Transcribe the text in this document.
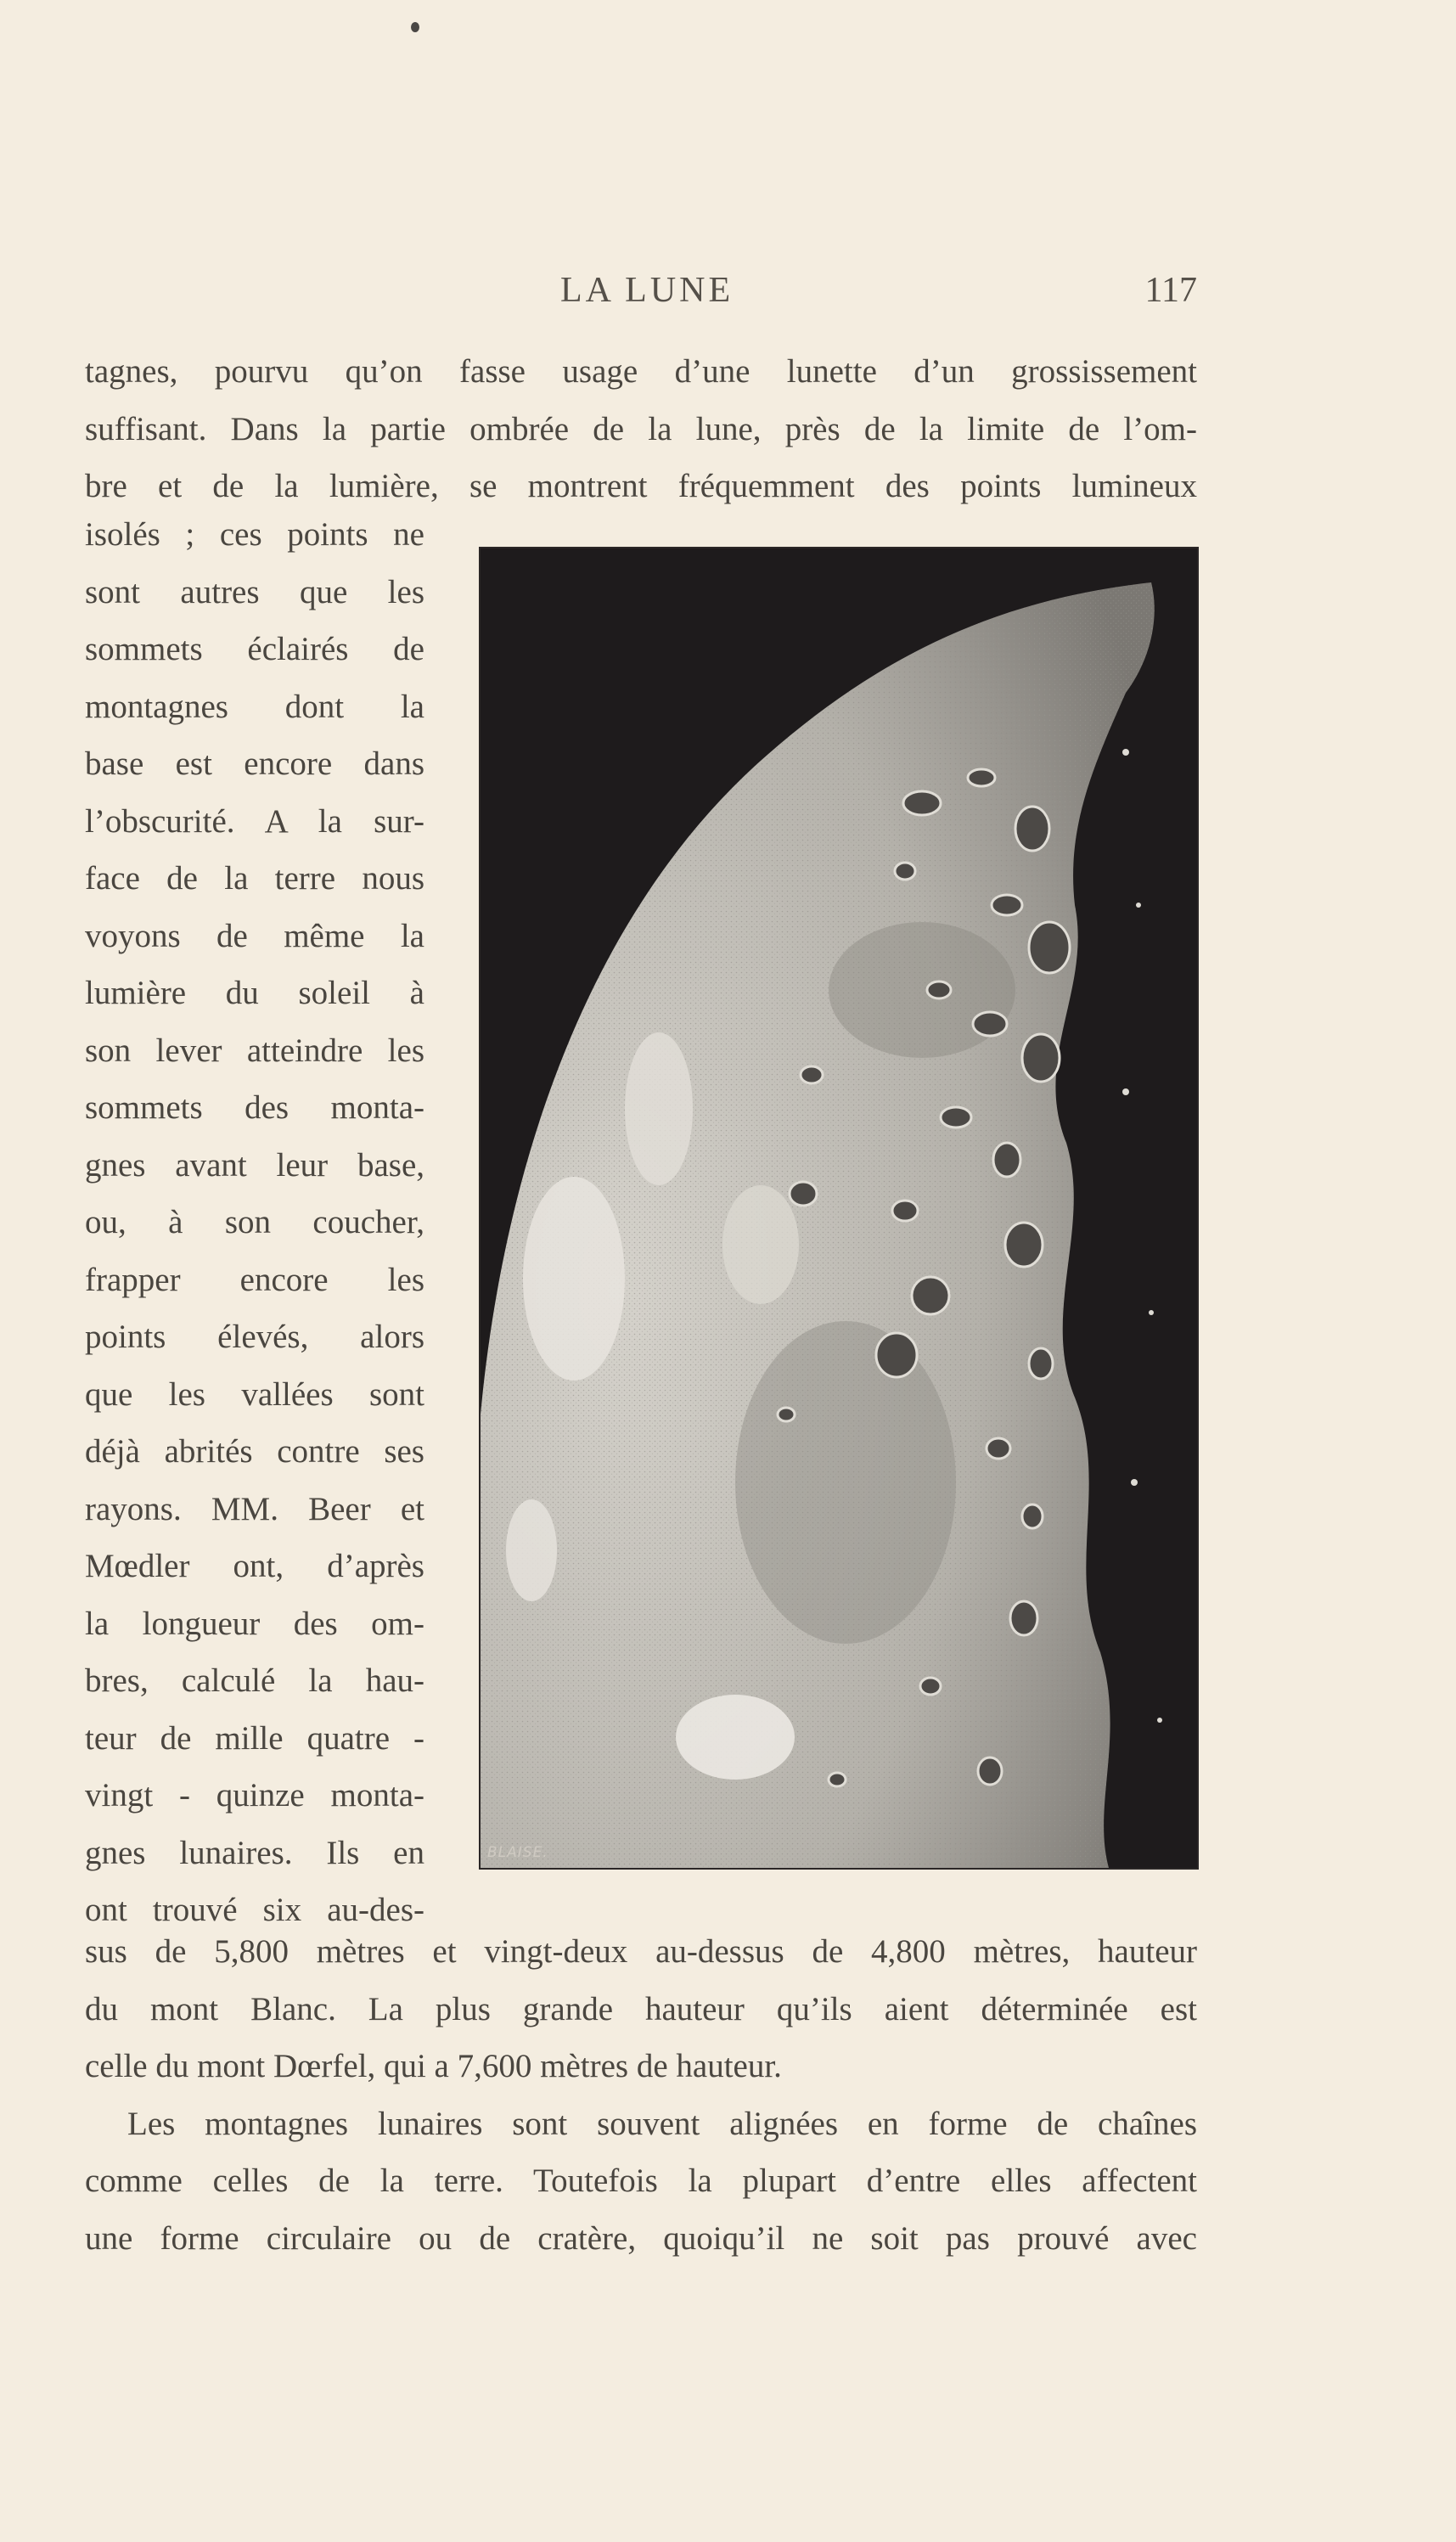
LA LUNE	117
tagnes, pourvu qu’on fasse usage d’une lunette d’un grossissement
suffisant. Dans la partie ombrée de la lune, près de la limite de l’om-
bre et de la lumière, se montrent fréquemment des points lumineux
isolés ; ces points ne
sont autres que les
sommets éclairés de
montagnes dont la
base est encore dans
l’obscurité. A la sur-
face de la terre nous
voyons de même la
lumière du soleil à
son lever atteindre les
sommets des monta-
gnes avant leur base,
ou, à son coucher,
frapper encore les
points élevés, alors
que les vallées sont
déjà abrités contre ses
rayons. MM. Beer et
Mœdler ont, d’après
la longueur des om-
bres, calculé la hau-
teur de mille quatre -
vingt - quinze monta-
gnes lunaires. Ils en
ont trouvé six au-des-
BLAISE.
sus de 5,800 mètres et vingt-deux au-dessus de 4,800 mètres, hauteur
du mont Blanc. La plus grande hauteur qu’ils aient déterminée est
celle du mont Dœrfel, qui a 7,600 mètres de hauteur.
Les montagnes lunaires sont souvent alignées en forme de chaînes
comme celles de la terre. Toutefois la plupart d’entre elles affectent
une forme circulaire ou de cratère, quoiqu’il ne soit pas prouvé avec
